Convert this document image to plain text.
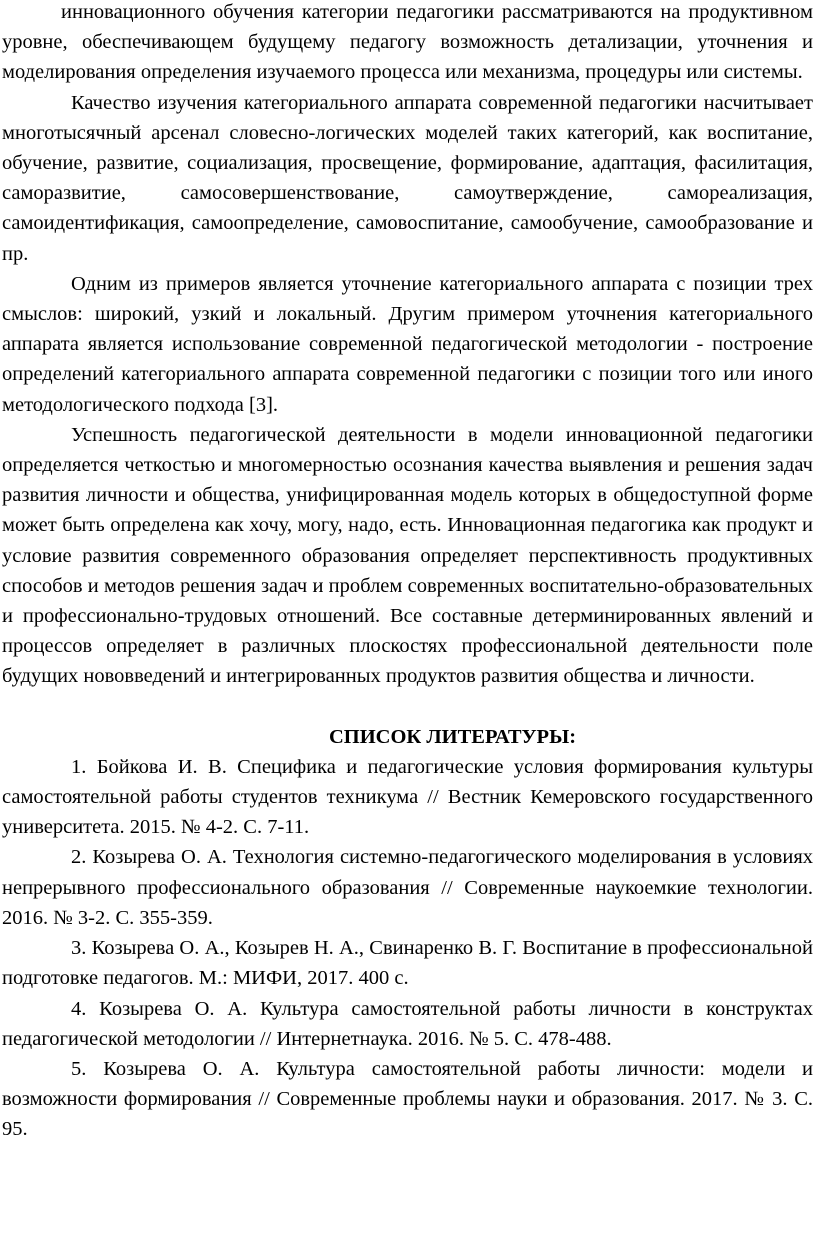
инновационного обучения категории педагогики рассматриваются на продуктивном уровне, обеспечивающем будущему педагогу возможность детализации, уточнения и моделирования определения изучаемого процесса или механизма, процедуры или системы.

Качество изучения категориального аппарата современной педагогики насчитывает многотысячный арсенал словесно-логических моделей таких категорий, как воспитание, обучение, развитие, социализация, просвещение, формирование, адаптация, фасилитация, саморазвитие, самосовершенствование, самоутверждение, самореализация, самоидентификация, самоопределение, самовоспитание, самообучение, самообразование и пр.

Одним из примеров является уточнение категориального аппарата с позиции трех смыслов: широкий, узкий и локальный. Другим примером уточнения категориального аппарата является использование современной педагогической методологии - построение определений категориального аппарата современной педагогики с позиции того или иного методологического подхода [3].

Успешность педагогической деятельности в модели инновационной педагогики определяется четкостью и многомерностью осознания качества выявления и решения задач развития личности и общества, унифицированная модель которых в общедоступной форме может быть определена как хочу, могу, надо, есть. Инновационная педагогика как продукт и условие развития современного образования определяет перспективность продуктивных способов и методов решения задач и проблем современных воспитательно-образовательных и профессионально-трудовых отношений. Все составные детерминированных явлений и процессов определяет в различных плоскостях профессиональной деятельности поле будущих нововведений и интегрированных продуктов развития общества и личности.

СПИСОК ЛИТЕРАТУРЫ:

1. Бойкова И. В. Специфика и педагогические условия формирования культуры самостоятельной работы студентов техникума // Вестник Кемеровского государственного университета. 2015. № 4-2. С. 7-11.

2. Козырева О. А. Технология системно-педагогического моделирования в условиях непрерывного профессионального образования // Современные наукоемкие технологии. 2016. № 3-2. С. 355-359.

3. Козырева О. А., Козырев Н. А., Свинаренко В. Г. Воспитание в профессиональной подготовке педагогов. М.: МИФИ, 2017. 400 с.

4. Козырева О. А. Культура самостоятельной работы личности в конструктах педагогической методологии // Интернетнаука. 2016. № 5. С. 478-488.

5. Козырева О. А. Культура самостоятельной работы личности: модели и возможности формирования // Современные проблемы науки и образования. 2017. № 3. С. 95.
